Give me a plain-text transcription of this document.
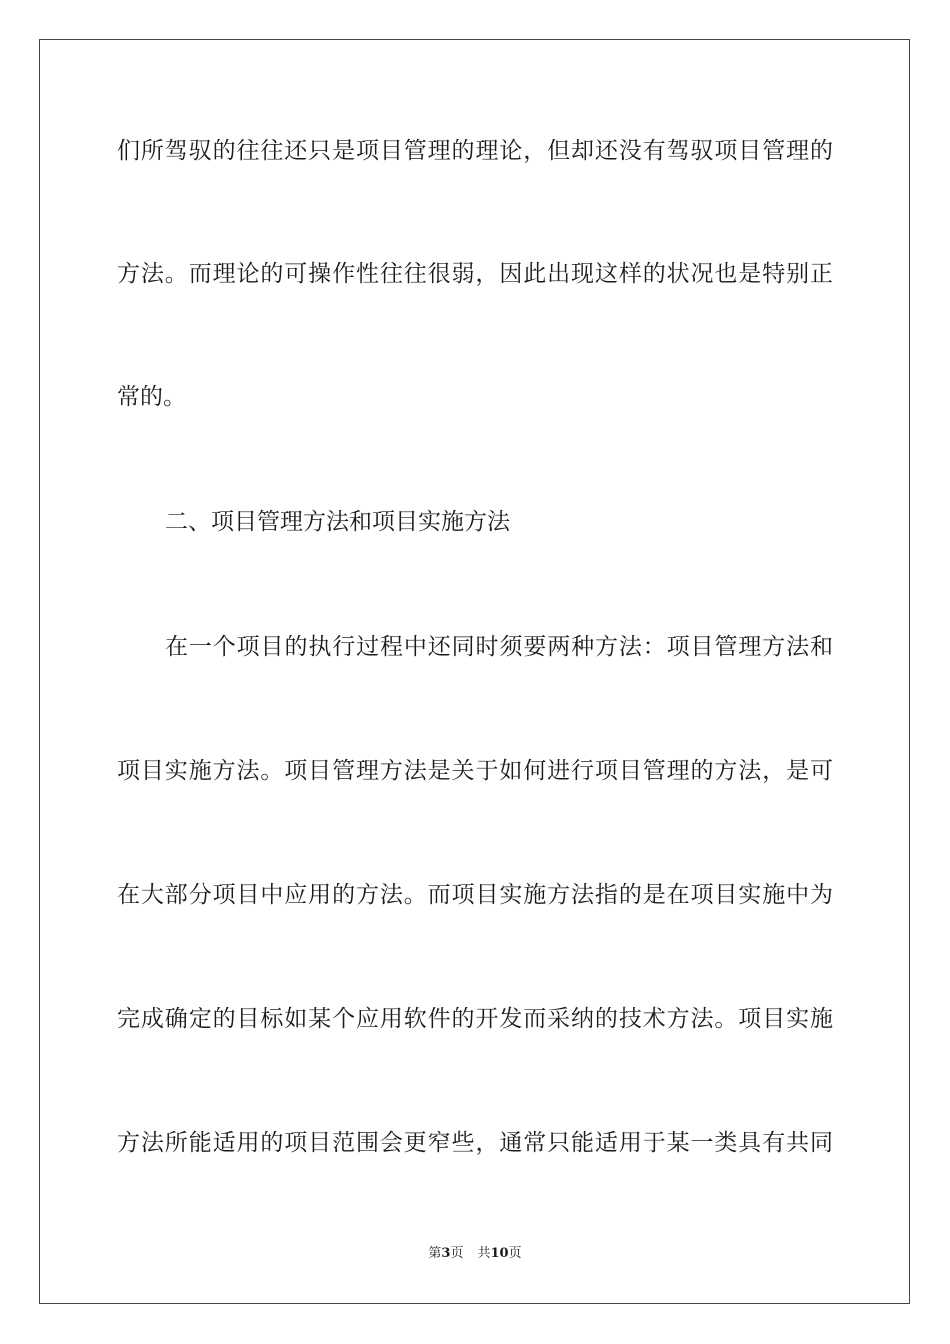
们所驾驭的往往还只是项目管理的理论，但却还没有驾驭项目管理的
方法。而理论的可操作性往往很弱，因此出现这样的状况也是特别正
常的。
二、项目管理方法和项目实施方法
在一个项目的执行过程中还同时须要两种方法：项目管理方法和
项目实施方法。项目管理方法是关于如何进行项目管理的方法，是可
在大部分项目中应用的方法。而项目实施方法指的是在项目实施中为
完成确定的目标如某个应用软件的开发而采纳的技术方法。项目实施
方法所能适用的项目范围会更窄些，通常只能适用于某一类具有共同
第3页 共10页
